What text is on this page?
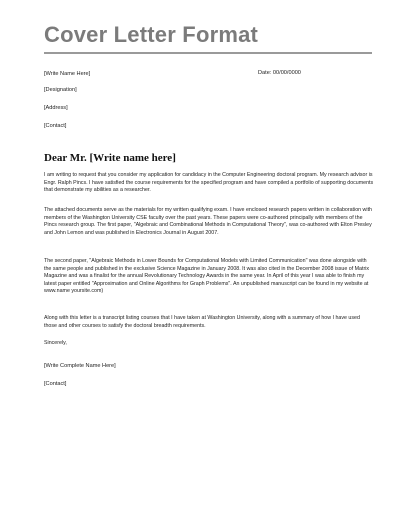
Cover Letter Format
[Write Name Here]	Date: 00/00/0000
[Designation]
[Address]
[Contact]
Dear Mr. [Write name here]
I am writing to request that you consider my application for candidacy in the Computer Engineering doctoral program. My research advisor is Engr. Ralph Pincs. I have satisfied the course requirements for the specified program and have compiled a portfolio of supporting documents that demonstrate my abilities as a researcher.
The attached documents serve as the materials for my written qualifying exam. I have enclosed research papers written in collaboration with members of the Washington University CSE faculty over the past years. These papers were co-authored principally with members of the Pincs research group. The first paper, "Algebraic and Combinational Methods in Computational Theory", was co-authored with Elton Presley and John Lemon and was published in Electronics Journal in August 2007.
The second paper, "Algebraic Methods in Lower Bounds for Computational Models with Limited Communication" was done alongside with the same people and published in the exclusive Science Magazine in January 2008. It was also cited in the December 2008 issue of Matrix Magazine and was a finalist for the annual Revolutionary Technology Awards in the same year. In April of this year I was able to finish my latest paper entitled "Approximation and Online Algorithms for Graph Problems". An unpublished manuscript can be found in my website at www.name yoursite.com)
Along with this letter is a transcript listing courses that I have taken at Washington University, along with a summary of how I have used those and other courses to satisfy the doctoral breadth requirements.
Sincerely,
[Write Complete Name Here]
[Contact]
